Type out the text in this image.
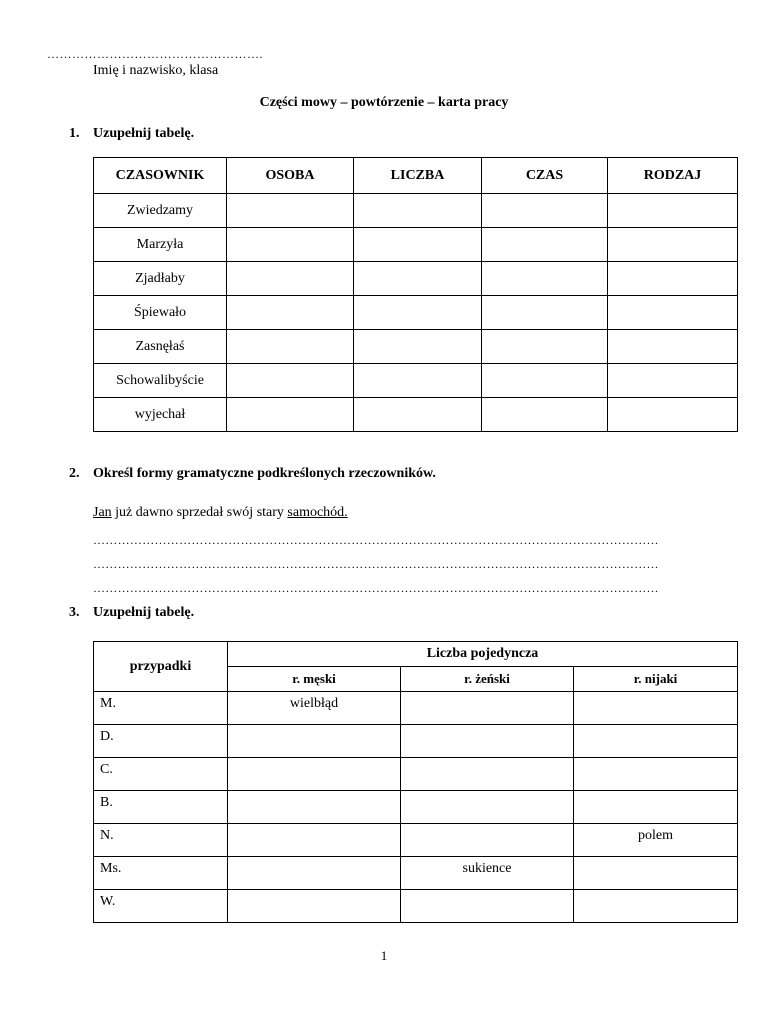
…………………………………………….
Imię i nazwisko, klasa
Części mowy – powtórzenie – karta pracy
1. Uzupełnij tabelę.
CZASOWNIK	OSOBA	LICZBA	CZAS	RODZAJ
Zwiedzamy				
Marzyła				
Zjadłaby				
Śpiewało				
Zasnęłaś				
Schowalibyście				
wyjechał				
2. Określ formy gramatyczne podkreślonych rzeczowników.
Jan już dawno sprzedał swój stary samochód.
…………………………………………………………………………………………………………………………
…………………………………………………………………………………………………………………………
…………………………………………………………………………………………………………………………
3. Uzupełnij tabelę.
przypadki	Liczba pojedyncza		
	r. męski	r. żeński	r. nijaki
M.	wielbłąd		
D.			
C.			
B.			
N.			polem
Ms.		sukience	
W.			
1
